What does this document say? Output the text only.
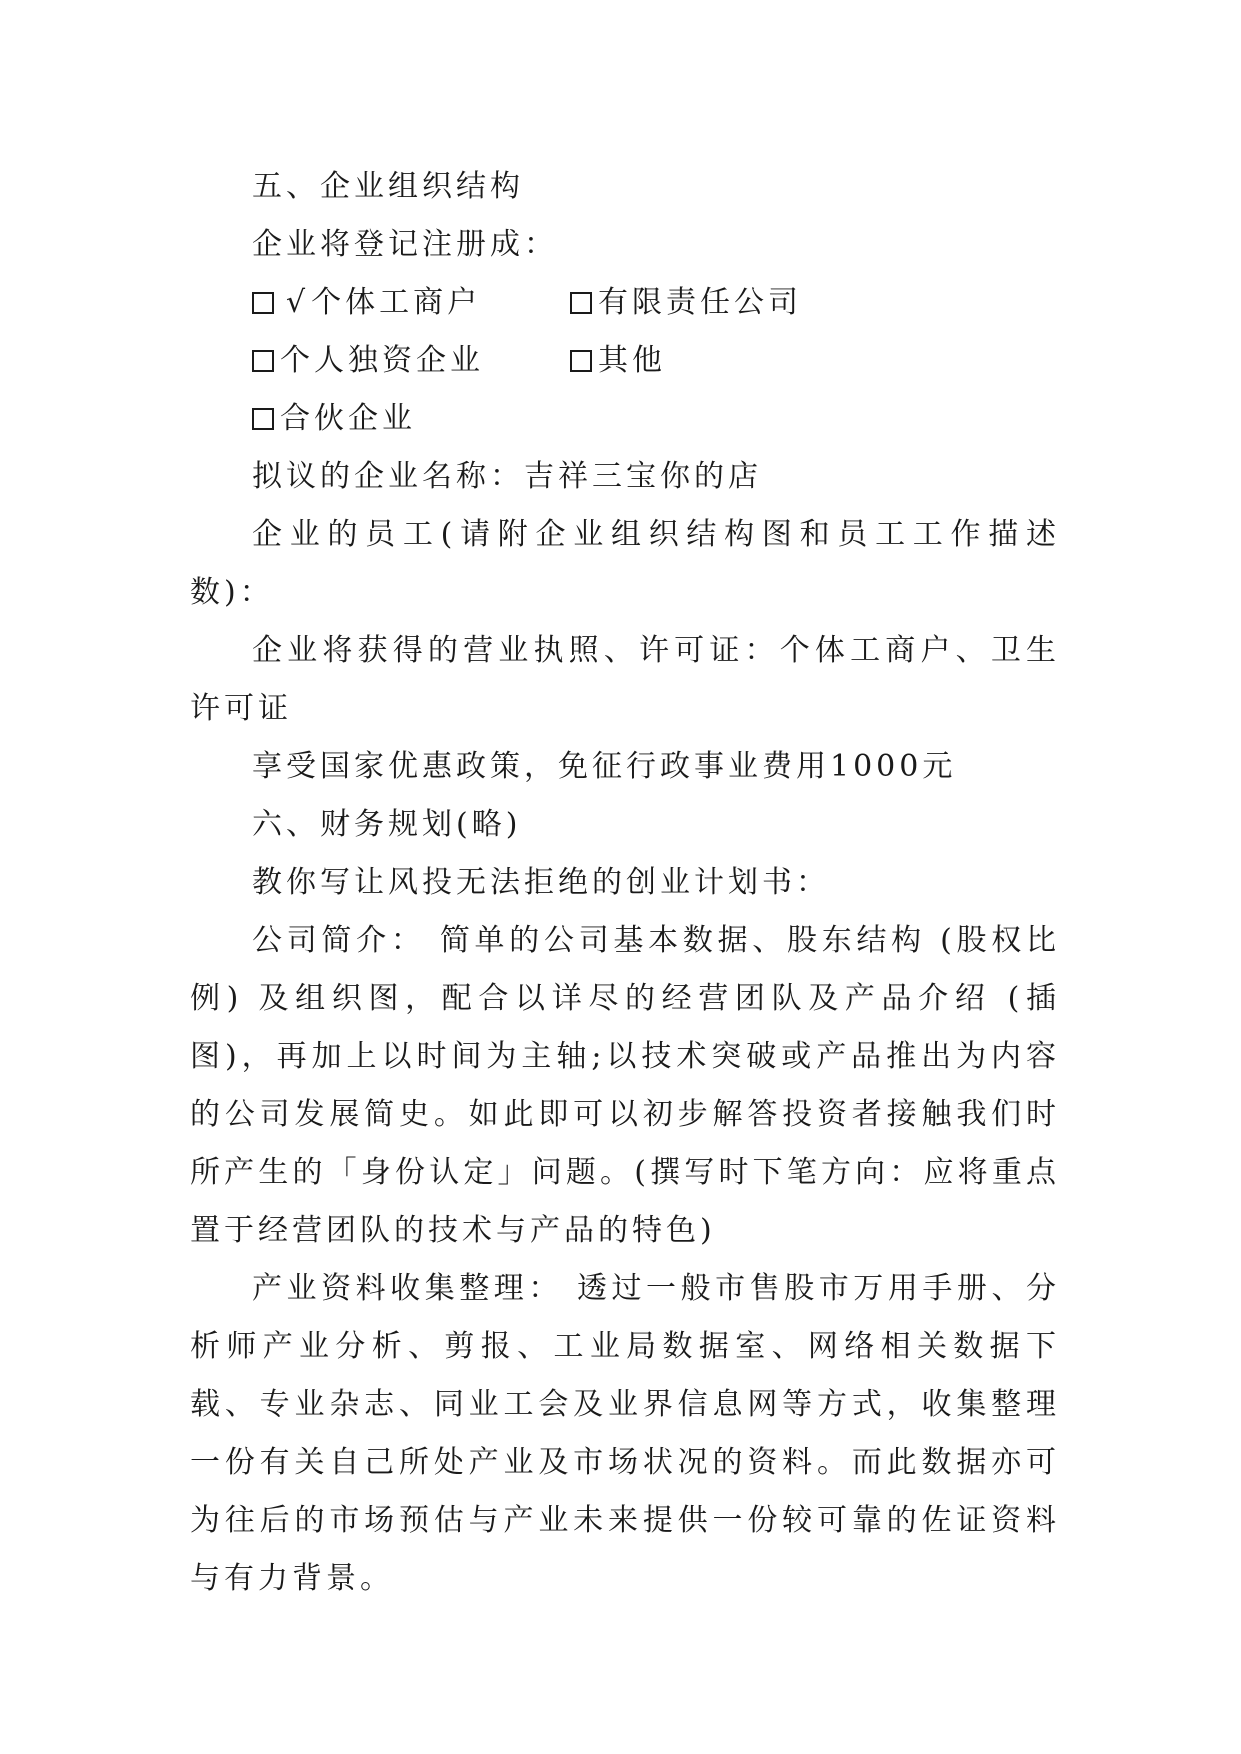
五、企业组织结构

企业将登记注册成：

√ 个体工商户	有限责任公司
个人独资企业	其他
合伙企业

拟议的企业名称：吉祥三宝你的店

企业的员工(请附企业组织结构图和员工工作描述数)：

企业将获得的营业执照、许可证：个体工商户、卫生许可证

享受国家优惠政策，免征行政事业费用1000元

六、财务规划(略)

教你写让风投无法拒绝的创业计划书：

公司简介： 简单的公司基本数据、股东结构 (股权比例) 及组织图，配合以详尽的经营团队及产品介绍 (插图)，再加上以时间为主轴;以技术突破或产品推出为内容的公司发展简史。如此即可以初步解答投资者接触我们时所产生的「身份认定」问题。(撰写时下笔方向：应将重点置于经营团队的技术与产品的特色)

产业资料收集整理： 透过一般市售股市万用手册、分析师产业分析、剪报、工业局数据室、网络相关数据下载、专业杂志、同业工会及业界信息网等方式，收集整理一份有关自己所处产业及市场状况的资料。而此数据亦可为往后的市场预估与产业未来提供一份较可靠的佐证资料与有力背景。
